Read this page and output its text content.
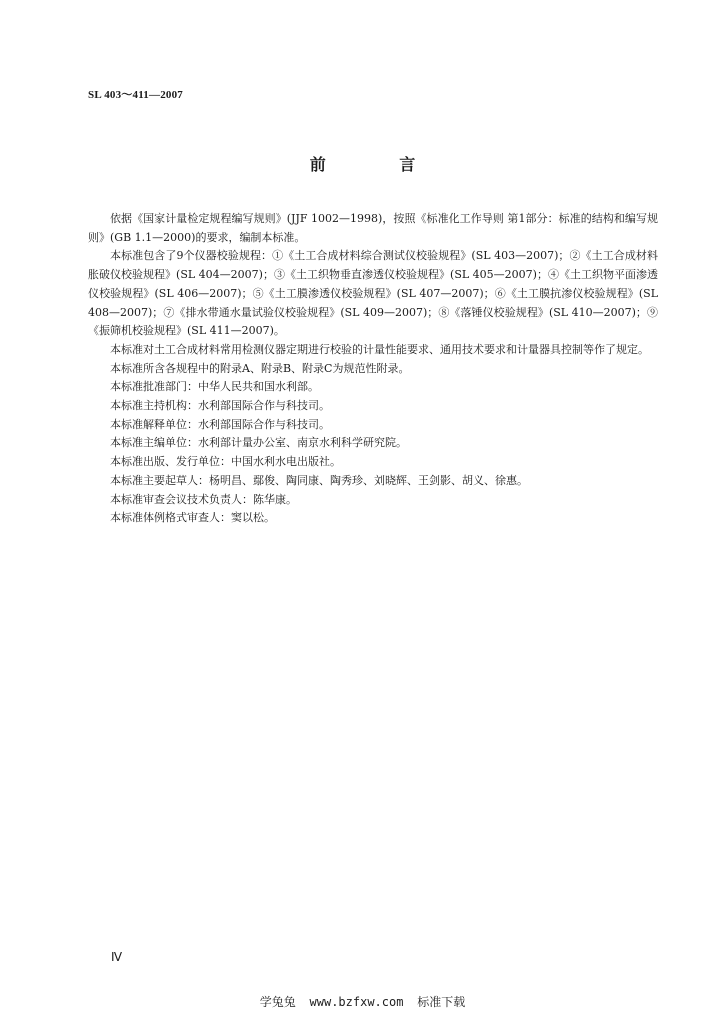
SL 403～411—2007
前 言

依据《国家计量检定规程编写规则》(JJF 1002—1998)，按照《标准化工作导则 第1部分：标准的结构和编写规则》(GB 1.1—2000)的要求，编制本标准。

本标准包含了9个仪器校验规程：①《土工合成材料综合测试仪校验规程》(SL 403—2007)；②《土工合成材料胀破仪校验规程》(SL 404—2007)；③《土工织物垂直渗透仪校验规程》(SL 405—2007)；④《土工织物平面渗透仪校验规程》(SL 406—2007)；⑤《土工膜渗透仪校验规程》(SL 407—2007)；⑥《土工膜抗渗仪校验规程》(SL 408—2007)；⑦《排水带通水量试验仪校验规程》(SL 409—2007)；⑧《落锤仪校验规程》(SL 410—2007)；⑨《振筛机校验规程》(SL 411—2007)。

本标准对土工合成材料常用检测仪器定期进行校验的计量性能要求、通用技术要求和计量器具控制等作了规定。

本标准所含各规程中的附录A、附录B、附录C为规范性附录。

本标准批准部门：中华人民共和国水利部。

本标准主持机构：水利部国际合作与科技司。

本标准解释单位：水利部国际合作与科技司。

本标准主编单位：水利部计量办公室、南京水利科学研究院。

本标准出版、发行单位：中国水利水电出版社。

本标准主要起草人：杨明昌、鄢俊、陶同康、陶秀珍、刘晓辉、王剑影、胡义、徐惠。

本标准审查会议技术负责人：陈华康。

本标准体例格式审查人：窦以松。

Ⅳ
学兔兔 www.bzfxw.com 标准下载
